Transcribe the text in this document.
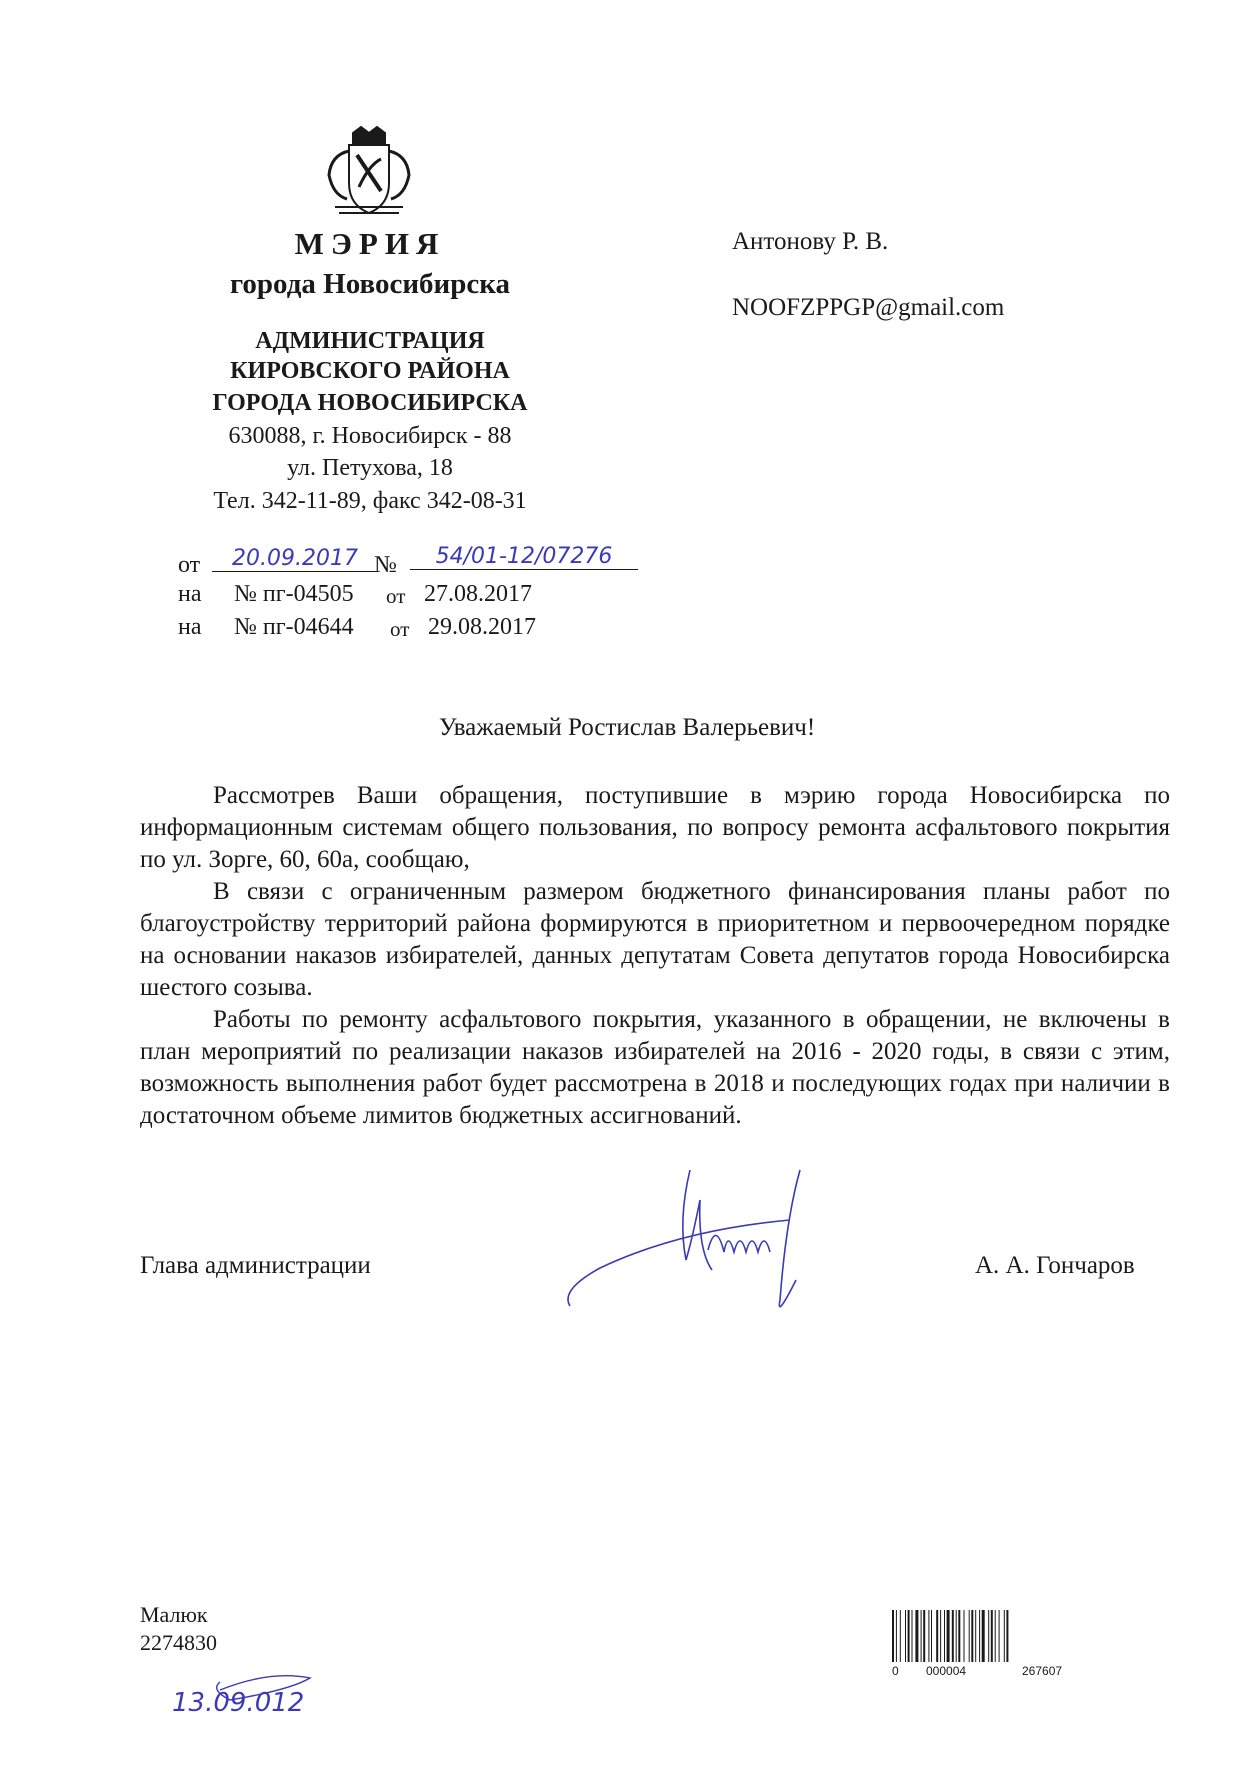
МЭРИЯ
города Новосибирска
АДМИНИСТРАЦИЯ
КИРОВСКОГО РАЙОНА
ГОРОДА НОВОСИБИРСКА
630088, г. Новосибирск - 88
ул. Петухова, 18
Тел. 342-11-89, факс 342-08-31
Антонову Р. В.
NOOFZPPGP@gmail.com
от	20.09.2017 №	54/01-12/07276
на № пг-04505 от 27.08.2017
на № пг-04644 от 29.08.2017
Уважаемый Ростислав Валерьевич!

Рассмотрев Ваши обращения, поступившие в мэрию города Новосибирска по информационным системам общего пользования, по вопросу ремонта асфальтового покрытия по ул. Зорге, 60, 60а, сообщаю,

В связи с ограниченным размером бюджетного финансирования планы работ по благоустройству территорий района формируются в приоритетном и первоочередном порядке на основании наказов избирателей, данных депутатам Совета депутатов города Новосибирска шестого созыва.

Работы по ремонту асфальтового покрытия, указанного в обращении, не включены в план мероприятий по реализации наказов избирателей на 2016 - 2020 годы, в связи с этим, возможность выполнения работ будет рассмотрена в 2018 и последующих годах при наличии в достаточном объеме лимитов бюджетных ассигнований.

Глава администрации	А. А. Гончаров
Малюк
2274830
13.09.012
0 000004	267607
